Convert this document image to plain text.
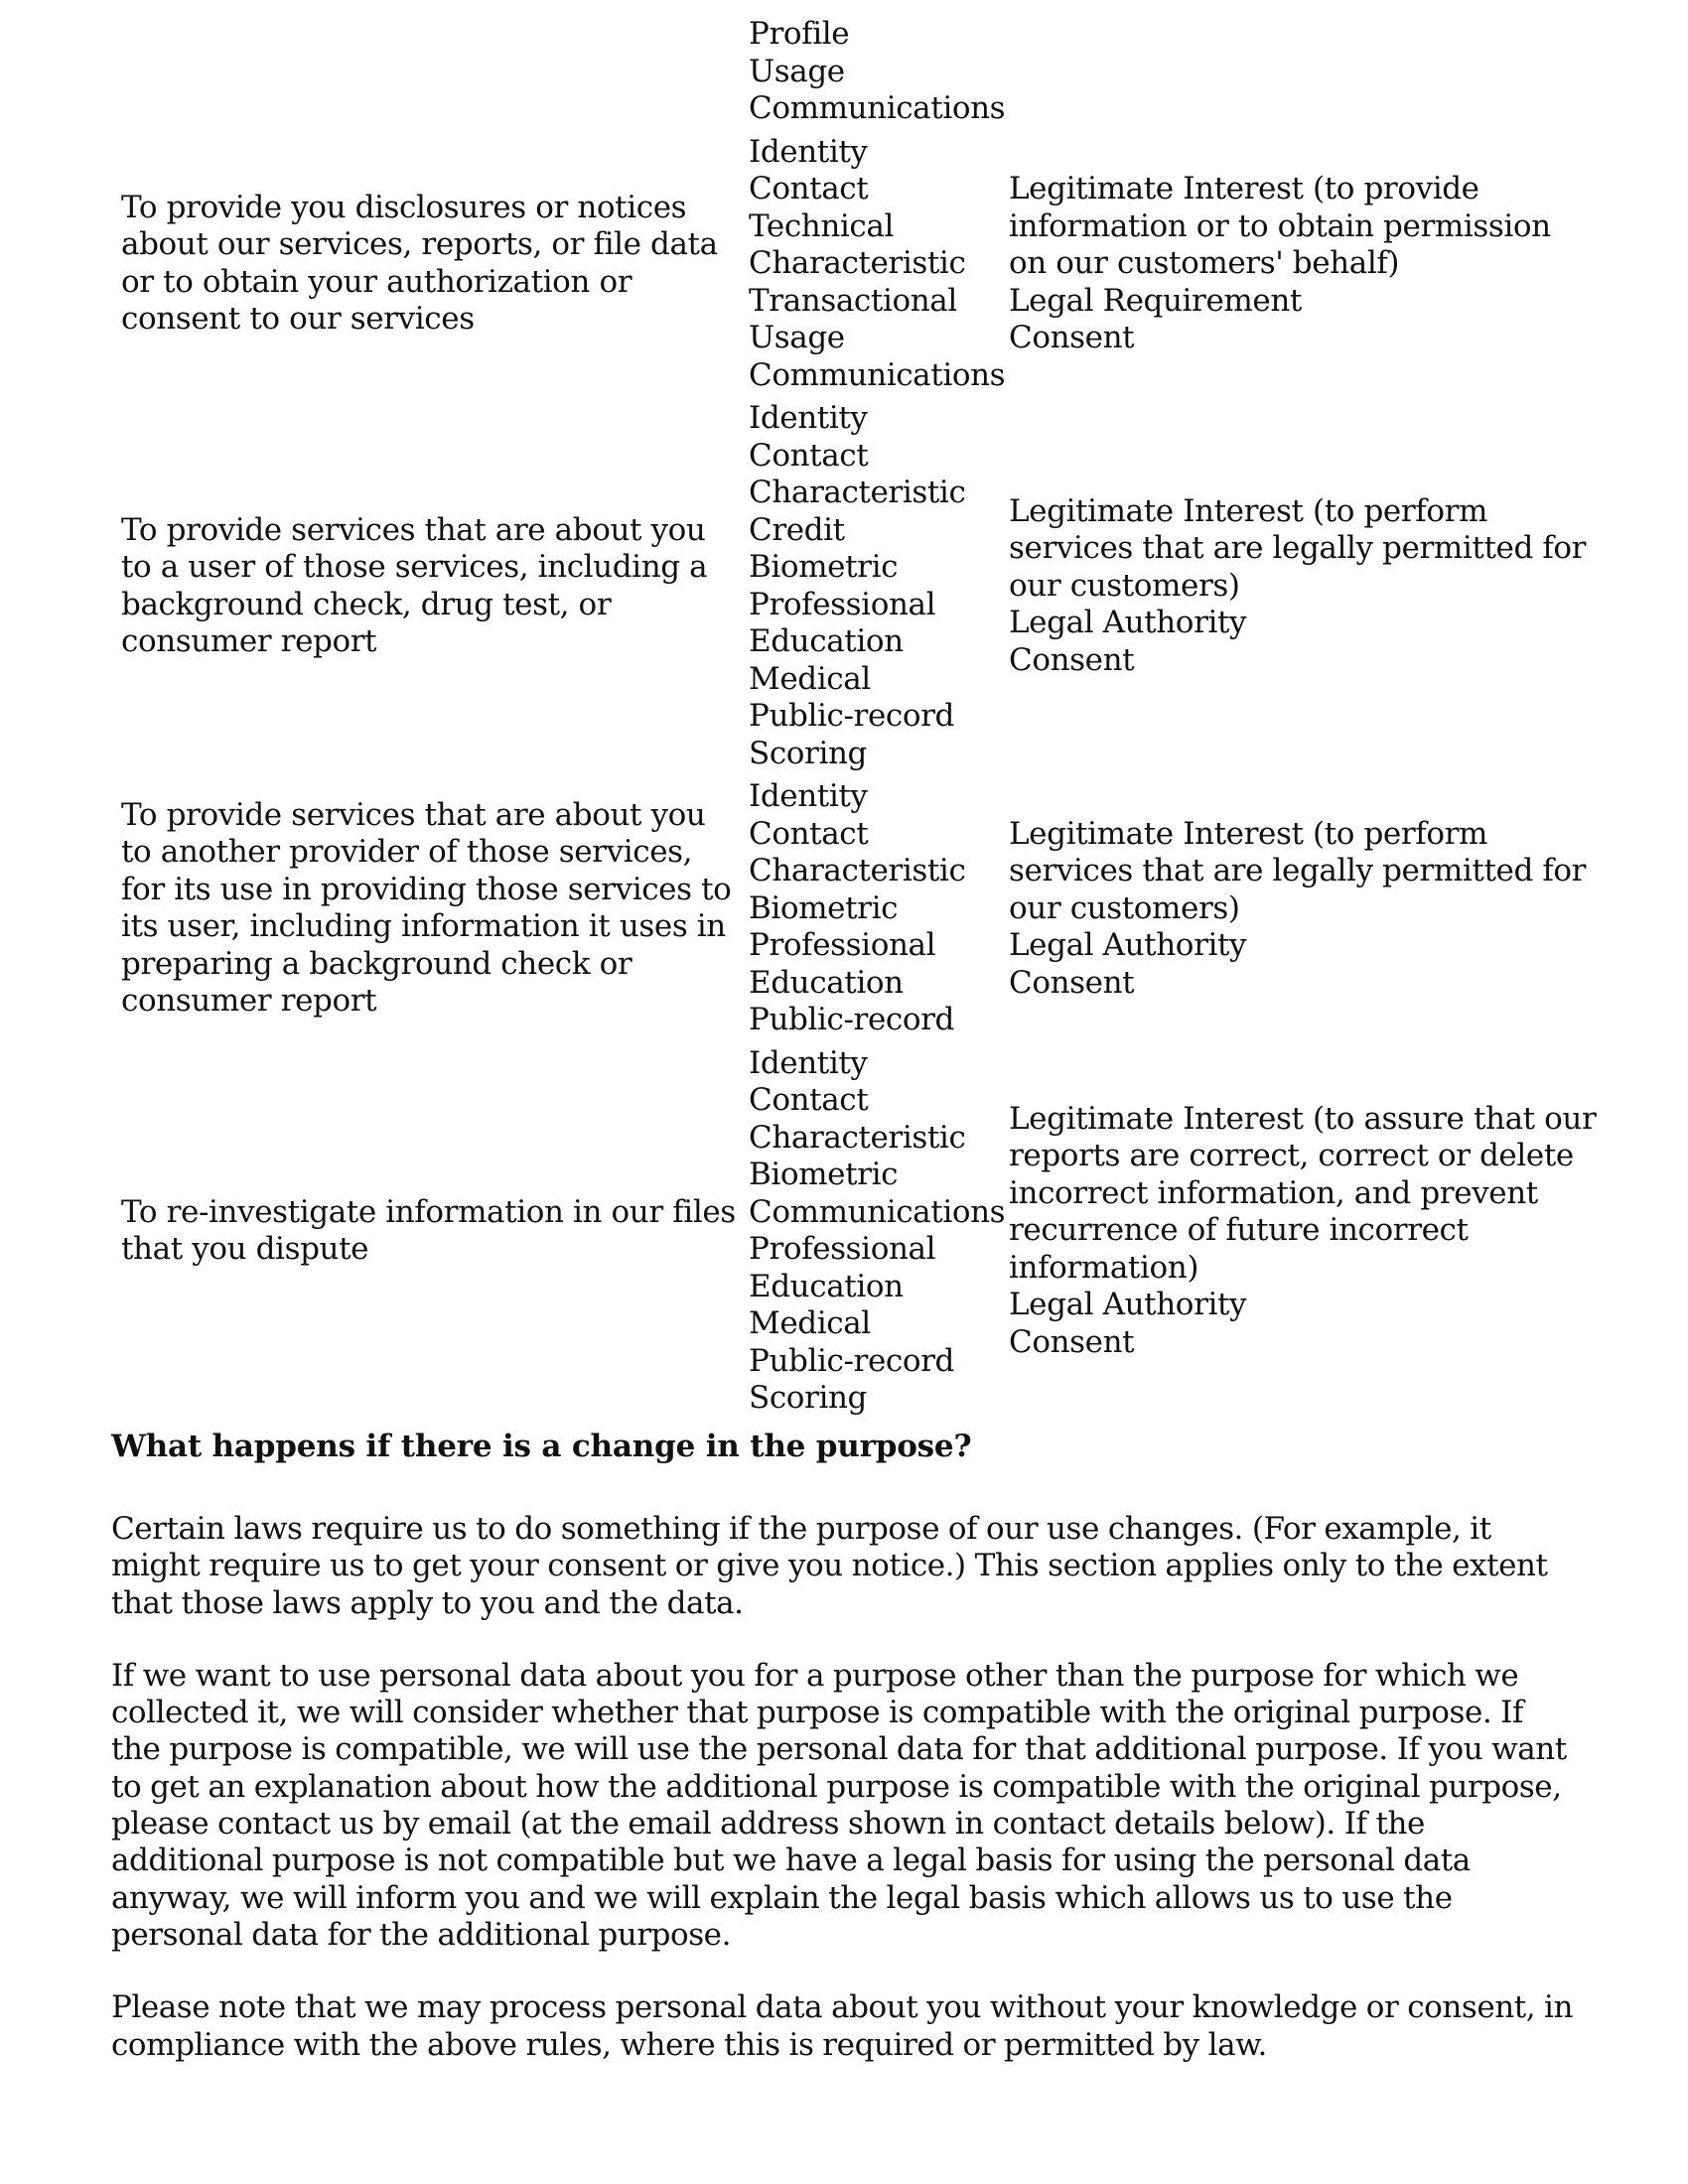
Profile
Usage
Communications
To provide you disclosures or notices about our services, reports, or file data or to obtain your authorization or consent to our services
Identity
Contact
Technical
Characteristic
Transactional
Usage
Communications
Legitimate Interest (to provide
information or to obtain permission
on our customers' behalf)
Legal Requirement
Consent
To provide services that are about you to a user of those services, including a background check, drug test, or consumer report
Identity
Contact
Characteristic
Credit
Biometric
Professional
Education
Medical
Public-record
Scoring
Legitimate Interest (to perform
services that are legally permitted for
our customers)
Legal Authority
Consent
To provide services that are about you to another provider of those services, for its use in providing those services to its user, including information it uses in preparing a background check or consumer report
Identity
Contact
Characteristic
Biometric
Professional
Education
Public-record
Legitimate Interest (to perform
services that are legally permitted for
our customers)
Legal Authority
Consent
To re-investigate information in our files that you dispute
Identity
Contact
Characteristic
Biometric
Communications
Professional
Education
Medical
Public-record
Scoring
Legitimate Interest (to assure that our
reports are correct, correct or delete
incorrect information, and prevent
recurrence of future incorrect
information)
Legal Authority
Consent
What happens if there is a change in the purpose?

Certain laws require us to do something if the purpose of our use changes. (For example, it might require us to get your consent or give you notice.) This section applies only to the extent that those laws apply to you and the data.

If we want to use personal data about you for a purpose other than the purpose for which we collected it, we will consider whether that purpose is compatible with the original purpose. If the purpose is compatible, we will use the personal data for that additional purpose. If you want to get an explanation about how the additional purpose is compatible with the original purpose, please contact us by email (at the email address shown in contact details below). If the additional purpose is not compatible but we have a legal basis for using the personal data anyway, we will inform you and we will explain the legal basis which allows us to use the personal data for the additional purpose.

Please note that we may process personal data about you without your knowledge or consent, in compliance with the above rules, where this is required or permitted by law.
